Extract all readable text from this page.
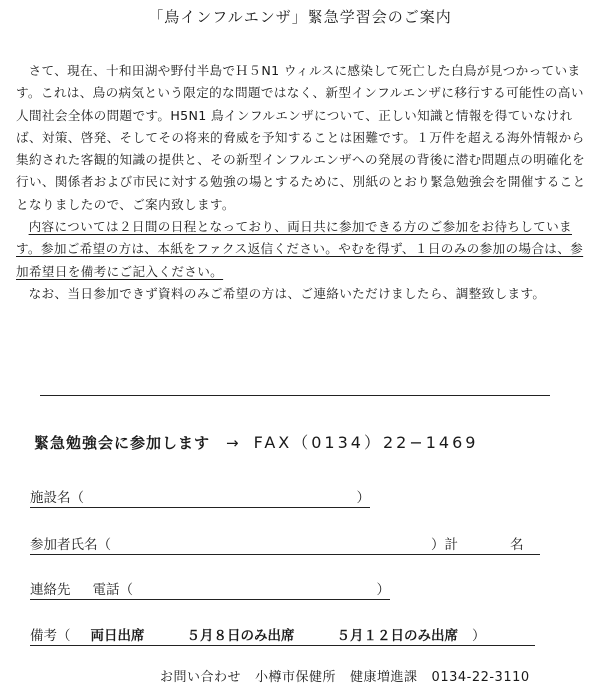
「鳥インフルエンザ」緊急学習会のご案内

さて、現在、十和田湖や野付半島でＨ５N1 ウィルスに感染して死亡した白鳥が見つかっています。これは、鳥の病気という限定的な問題ではなく、新型インフルエンザに移行する可能性の高い人間社会全体の問題です。H5N1 鳥インフルエンザについて、正しい知識と情報を得ていなければ、対策、啓発、そしてその将来的脅威を予知することは困難です。１万件を超える海外情報から集約された客観的知識の提供と、その新型インフルエンザへの発展の背後に潜む問題点の明確化を行い、関係者および市民に対する勉強の場とするために、別紙のとおり緊急勉強会を開催することとなりましたので、ご案内致します。

内容については２日間の日程となっており、両日共に参加できる方のご参加をお待ちしています。参加ご希望の方は、本紙をファクス返信ください。やむを得ず、１日のみの参加の場合は、参加希望日を備考にご記入ください。

なお、当日参加できず資料のみご希望の方は、ご連絡いただけましたら、調整致します。

緊急勉強会に参加します → FAX（0134）22−1469
施設名（	）
参加者氏名（	） 計	名
連絡先 電話（	）
備考（ 両日出席	５月８日のみ出席	５月１２日のみ出席 ）
お問い合わせ 小樽市保健所 健康増進課 0134-22-3110
